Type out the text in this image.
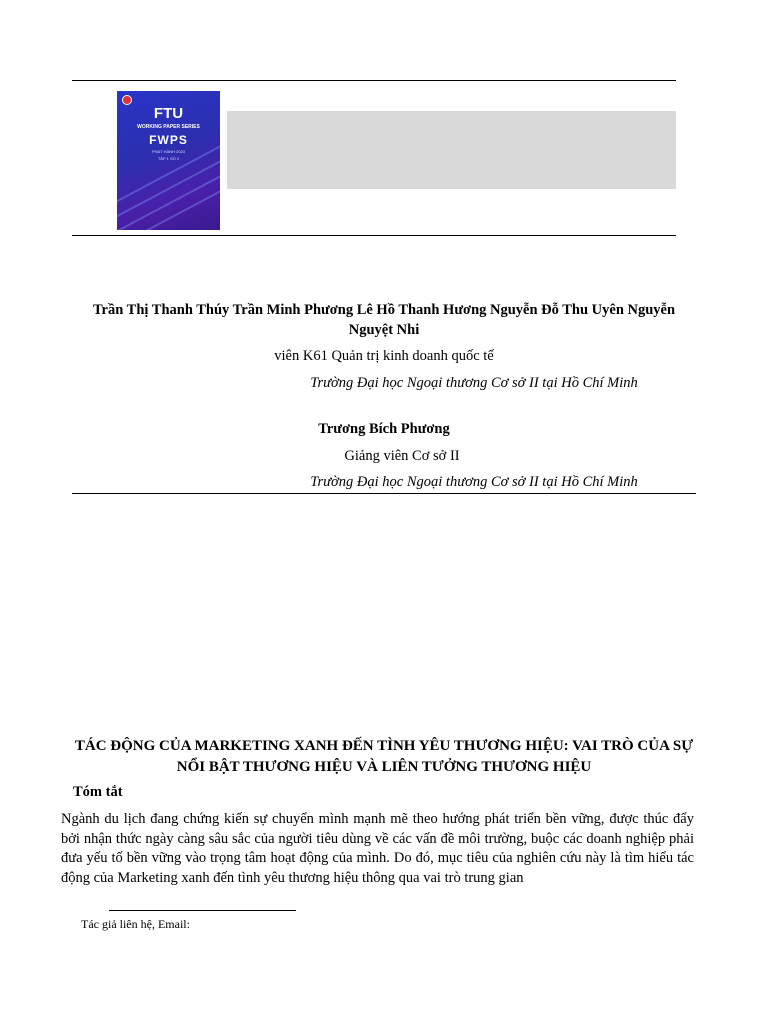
FTU
WORKING PAPER SERIES
FWPS
PHÁT HÀNH 2023
TẬP 1 SỐ 2
Trần Thị Thanh Thúy Trần Minh Phương Lê Hồ Thanh Hương Nguyễn Đỗ Thu Uyên Nguyễn Nguyệt Nhi
viên K61 Quản trị kinh doanh quốc tế
Trường Đại học Ngoại thương Cơ sở II tại Hồ Chí Minh
Trương Bích Phương
Giảng viên Cơ sở II
Trường Đại học Ngoại thương Cơ sở II tại Hồ Chí Minh
TÁC ĐỘNG CỦA MARKETING XANH ĐẾN TÌNH YÊU THƯƠNG HIỆU: VAI TRÒ CỦA SỰ NỔI BẬT THƯƠNG HIỆU VÀ LIÊN TƯỞNG THƯƠNG HIỆU
Tóm tắt
Ngành du lịch đang chứng kiến sự chuyển mình mạnh mẽ theo hướng phát triển bền vững, được thúc đẩy bởi nhận thức ngày càng sâu sắc của người tiêu dùng về các vấn đề môi trường, buộc các doanh nghiệp phải đưa yếu tố bền vững vào trọng tâm hoạt động của mình. Do đó, mục tiêu của nghiên cứu này là tìm hiểu tác động của Marketing xanh đến tình yêu thương hiệu thông qua vai trò trung gian
Tác giả liên hệ, Email:
